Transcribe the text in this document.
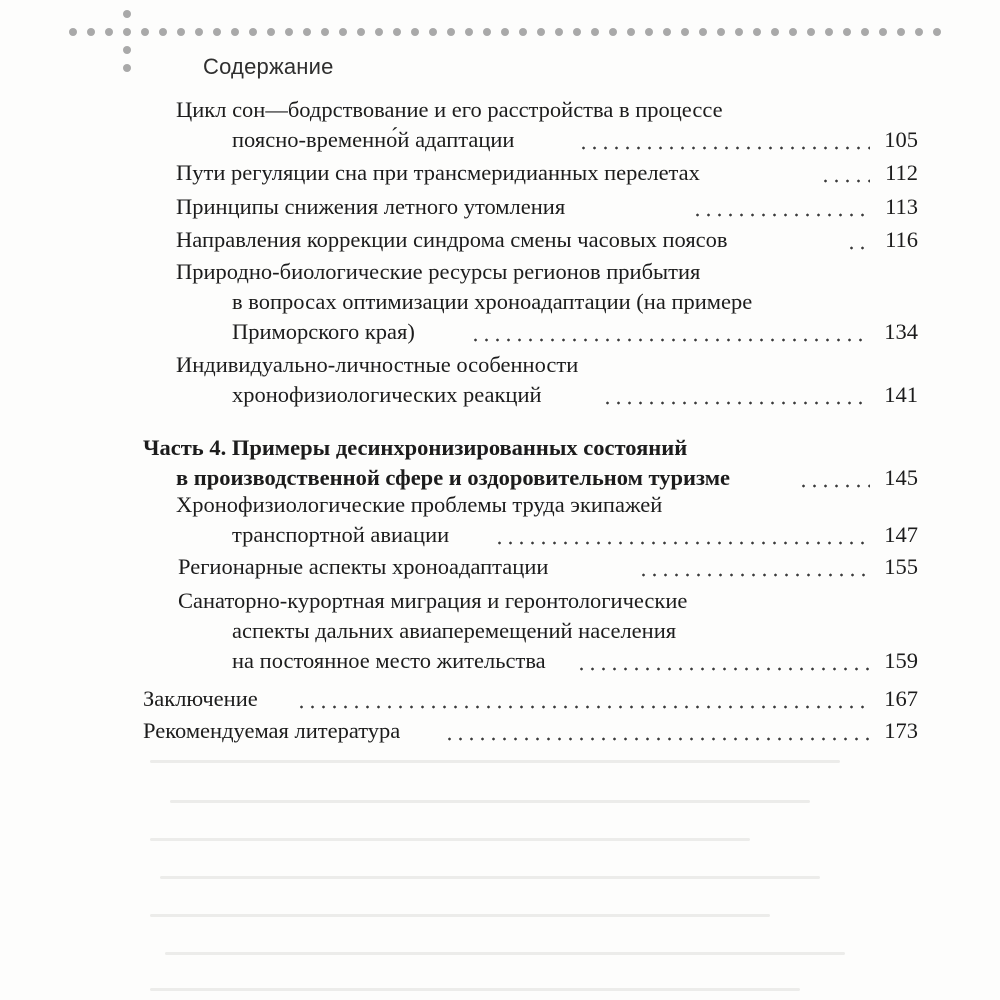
Содержание
Цикл сон—бодрствование и его расстройства в процессе
поясно-временно́й адаптации	105
Пути регуляции сна при трансмеридианных перелетах	112
Принципы снижения летного утомления	113
Направления коррекции синдрома смены часовых поясов	116
Природно-биологические ресурсы регионов прибытия
в вопросах оптимизации хроноадаптации (на примере
Приморского края)	134
Индивидуально-личностные особенности
хронофизиологических реакций	141
Часть 4. Примеры десинхронизированных состояний
в производственной сфере и оздоровительном туризме	145
Хронофизиологические проблемы труда экипажей
транспортной авиации	147
Регионарные аспекты хроноадаптации	155
Санаторно-курортная миграция и геронтологические
аспекты дальних авиаперемещений населения
на постоянное место жительства	159
Заключение	167
Рекомендуемая литература	173
